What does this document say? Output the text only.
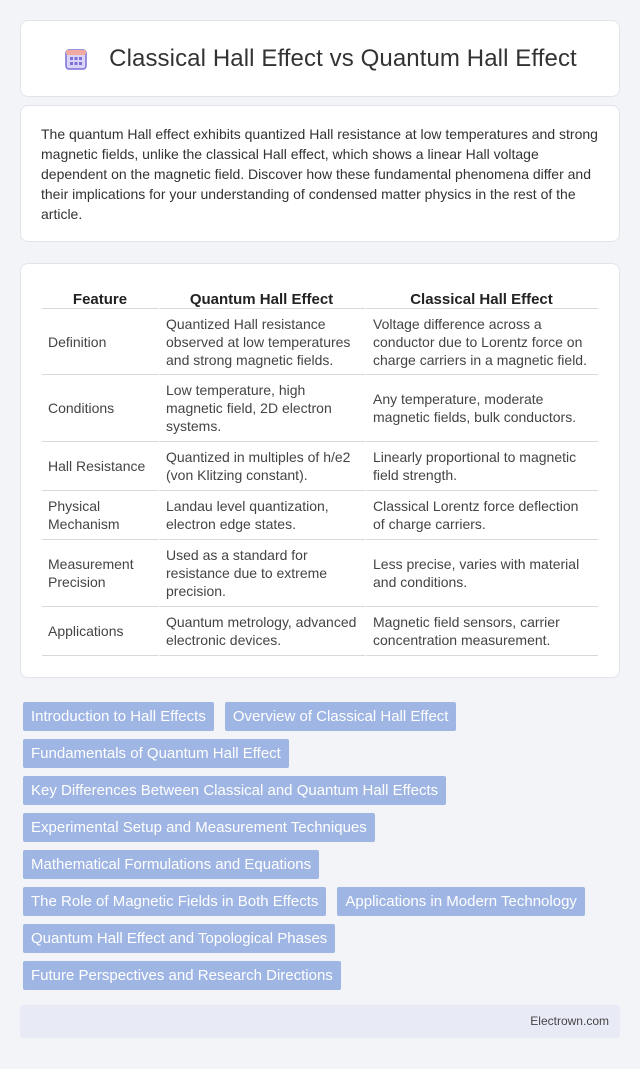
Classical Hall Effect vs Quantum Hall Effect

The quantum Hall effect exhibits quantized Hall resistance at low temperatures and strong magnetic fields, unlike the classical Hall effect, which shows a linear Hall voltage dependent on the magnetic field. Discover how these fundamental phenomena differ and their implications for your understanding of condensed matter physics in the rest of the article.

Feature	Quantum Hall Effect	Classical Hall Effect
Definition	Quantized Hall resistance observed at low temperatures and strong magnetic fields.	Voltage difference across a conductor due to Lorentz force on charge carriers in a magnetic field.
Conditions	Low temperature, high magnetic field, 2D electron systems.	Any temperature, moderate magnetic fields, bulk conductors.
Hall Resistance	Quantized in multiples of h/e2 (von Klitzing constant).	Linearly proportional to magnetic field strength.
Physical Mechanism	Landau level quantization, electron edge states.	Classical Lorentz force deflection of charge carriers.
Measurement Precision	Used as a standard for resistance due to extreme precision.	Less precise, varies with material and conditions.
Applications	Quantum metrology, advanced electronic devices.	Magnetic field sensors, carrier concentration measurement.
Introduction to Hall Effects	Overview of Classical Hall Effect
Fundamentals of Quantum Hall Effect
Key Differences Between Classical and Quantum Hall Effects
Experimental Setup and Measurement Techniques
Mathematical Formulations and Equations
The Role of Magnetic Fields in Both Effects	Applications in Modern Technology
Quantum Hall Effect and Topological Phases
Future Perspectives and Research Directions
Electrown.com
